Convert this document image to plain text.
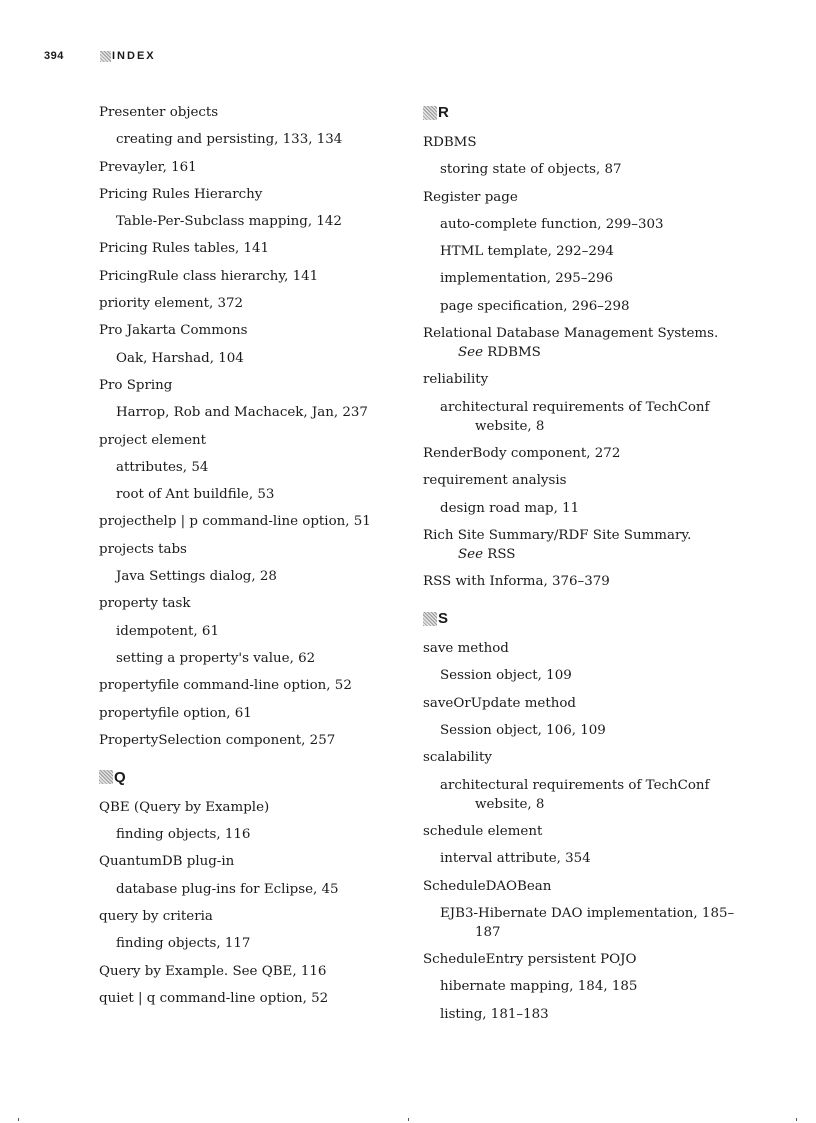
394	INDEX
Presenter objects
creating and persisting, 133, 134
Prevayler, 161
Pricing Rules Hierarchy
Table-Per-Subclass mapping, 142
Pricing Rules tables, 141
PricingRule class hierarchy, 141
priority element, 372
Pro Jakarta Commons
Oak, Harshad, 104
Pro Spring
Harrop, Rob and Machacek, Jan, 237
project element
attributes, 54
root of Ant buildfile, 53
projecthelp | p command-line option, 51
projects tabs
Java Settings dialog, 28
property task
idempotent, 61
setting a property's value, 62
propertyfile command-line option, 52
propertyfile option, 61
PropertySelection component, 257
Q
QBE (Query by Example)
finding objects, 116
QuantumDB plug-in
database plug-ins for Eclipse, 45
query by criteria
finding objects, 117
Query by Example. See QBE, 116
quiet | q command-line option, 52
R
RDBMS
storing state of objects, 87
Register page
auto-complete function, 299–303
HTML template, 292–294
implementation, 295–296
page specification, 296–298
Relational Database Management Systems.
See RDBMS
reliability
architectural requirements of TechConf website, 8
RenderBody component, 272
requirement analysis
design road map, 11
Rich Site Summary/RDF Site Summary.
See RSS
RSS with Informa, 376–379
S
save method
Session object, 109
saveOrUpdate method
Session object, 106, 109
scalability
architectural requirements of TechConf website, 8
schedule element
interval attribute, 354
ScheduleDAOBean
EJB3-Hibernate DAO implementation, 185–187
ScheduleEntry persistent POJO
hibernate mapping, 184, 185
listing, 181–183
